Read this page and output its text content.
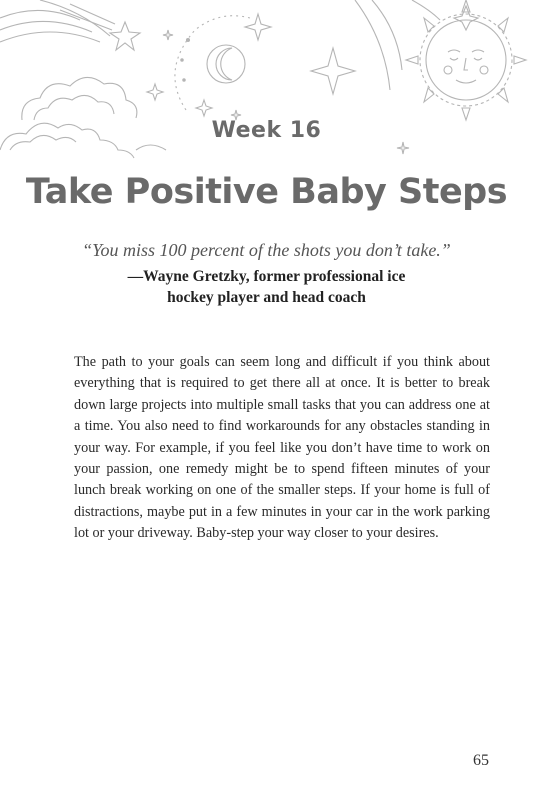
Week 16
Take Positive Baby Steps
“You miss 100 percent of the shots you don’t take.”
—Wayne Gretzky, former professional ice
hockey player and head coach
The path to your goals can seem long and difficult if you think about everything that is required to get there all at once. It is better to break down large projects into multiple small tasks that you can address one at a time. You also need to find workarounds for any obstacles standing in your way. For example, if you feel like you don’t have time to work on your passion, one remedy might be to spend fifteen minutes of your lunch break working on one of the smaller steps. If your home is full of distractions, maybe put in a few minutes in your car in the work parking lot or your driveway. Baby-step your way closer to your desires.
65
